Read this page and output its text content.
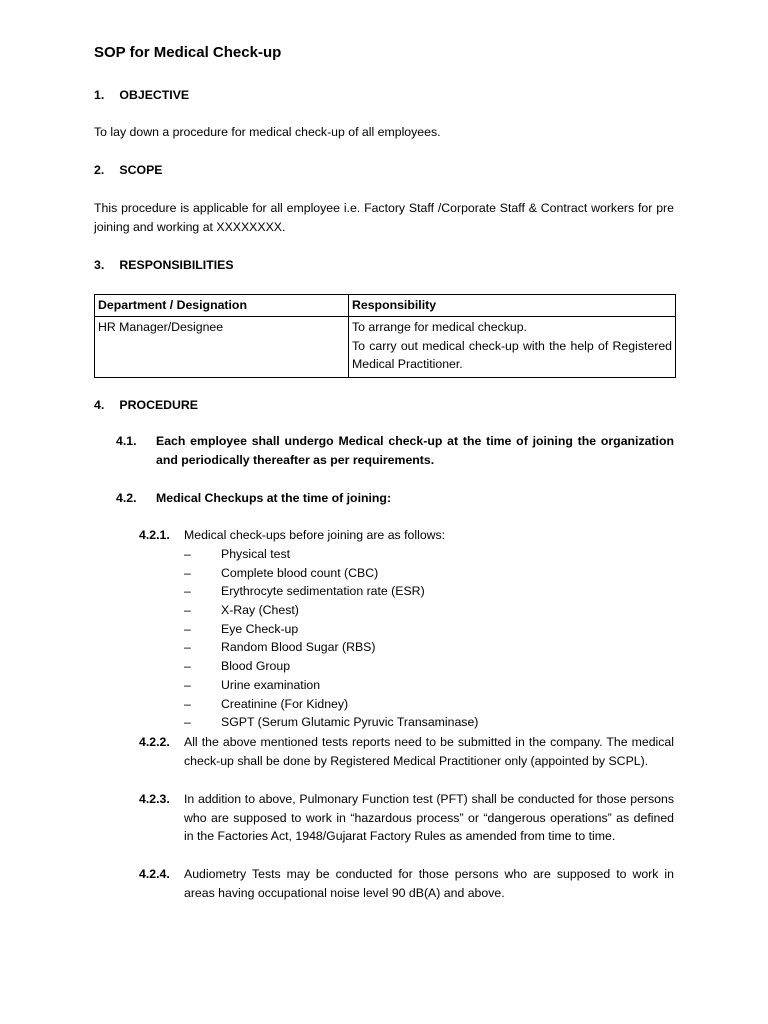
SOP for Medical Check-up
1. OBJECTIVE
To lay down a procedure for medical check-up of all employees.
2. SCOPE
This procedure is applicable for all employee i.e. Factory Staff /Corporate Staff & Contract workers for pre joining and working at XXXXXXXX.
3. RESPONSIBILITIES
Department / Designation	Responsibility
HR Manager/Designee	To arrange for medical checkup.
To carry out medical check-up with the help of Registered Medical Practitioner.
4. PROCEDURE
4.1. Each employee shall undergo Medical check-up at the time of joining the organization and periodically thereafter as per requirements.
4.2. Medical Checkups at the time of joining:
4.2.1. Medical check-ups before joining are as follows:
– Physical test
– Complete blood count (CBC)
– Erythrocyte sedimentation rate (ESR)
– X-Ray (Chest)
– Eye Check-up
– Random Blood Sugar (RBS)
– Blood Group
– Urine examination
– Creatinine (For Kidney)
– SGPT (Serum Glutamic Pyruvic Transaminase)
4.2.2. All the above mentioned tests reports need to be submitted in the company. The medical check-up shall be done by Registered Medical Practitioner only (appointed by SCPL).
4.2.3. In addition to above, Pulmonary Function test (PFT) shall be conducted for those persons who are supposed to work in “hazardous process” or “dangerous operations” as defined in the Factories Act, 1948/Gujarat Factory Rules as amended from time to time.
4.2.4. Audiometry Tests may be conducted for those persons who are supposed to work in areas having occupational noise level 90 dB(A) and above.
